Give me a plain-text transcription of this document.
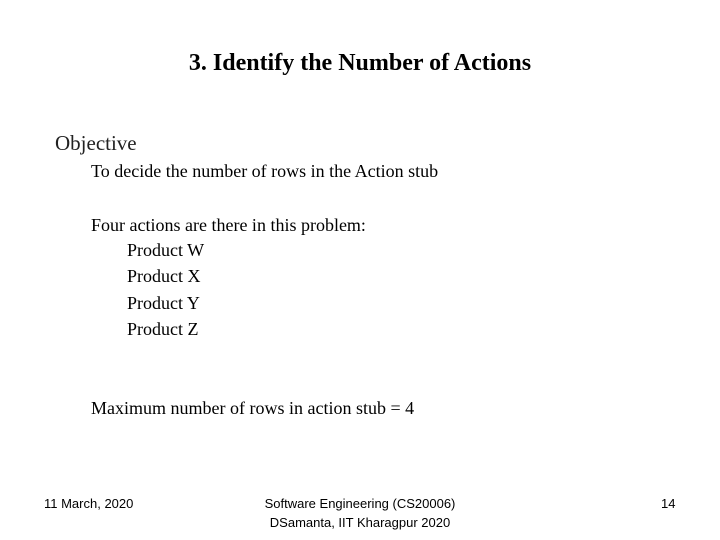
3. Identify the Number of Actions
Objective
To decide the number of rows in the Action stub
Four actions are there in this problem:
Product W
Product X
Product Y
Product Z
Maximum number of rows in action stub = 4
11 March, 2020	Software Engineering (CS20006)
DSamanta, IIT Kharagpur 2020
14
